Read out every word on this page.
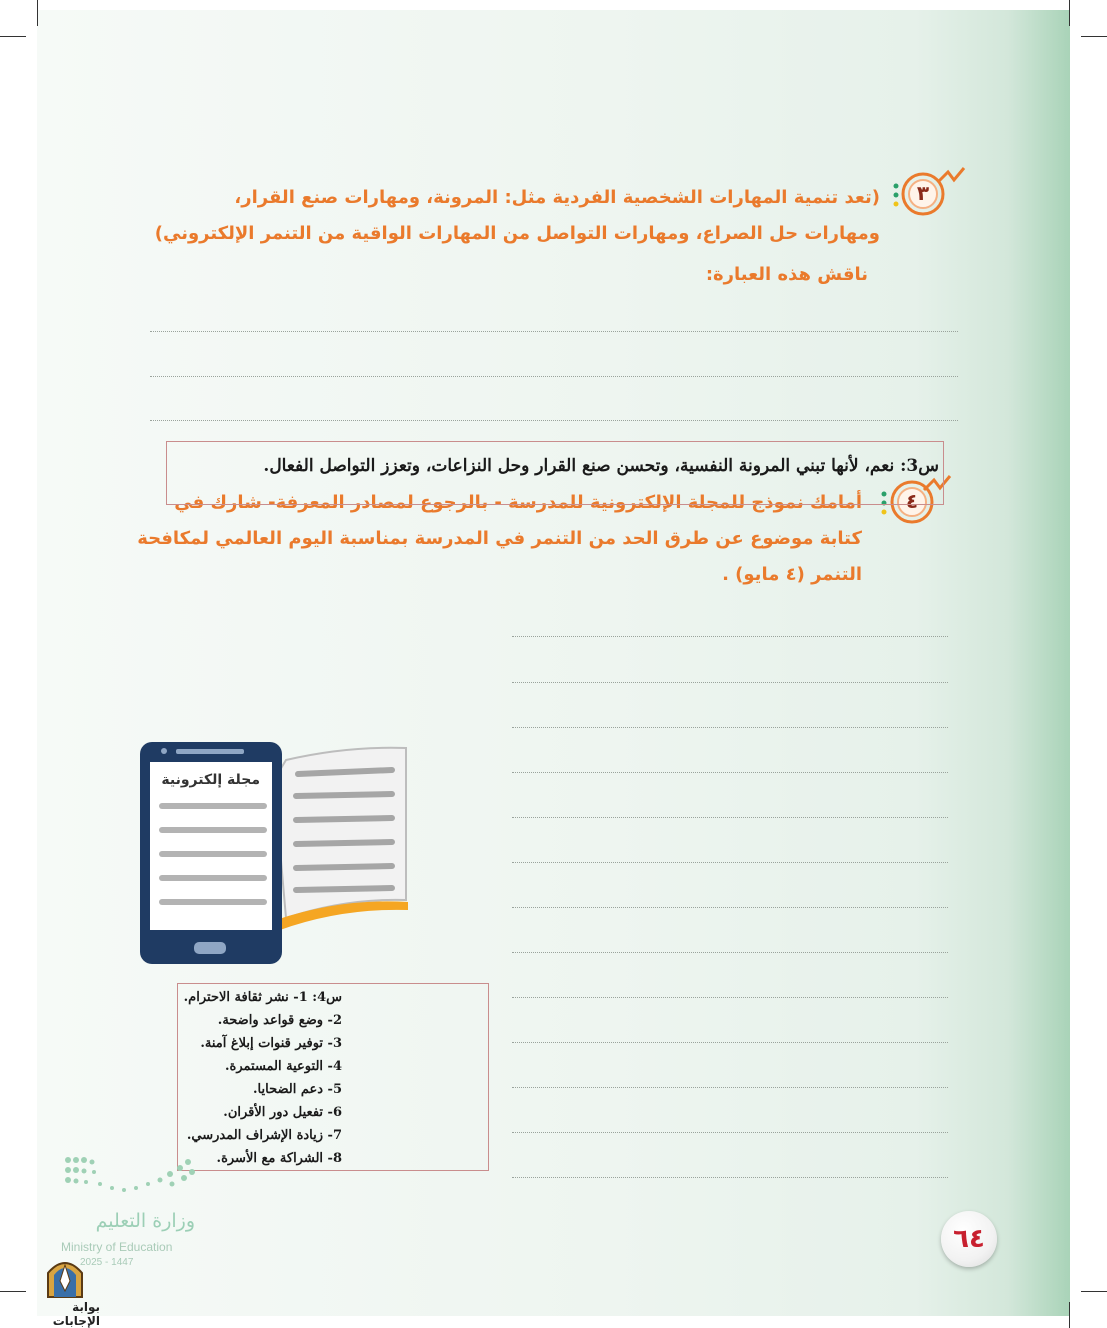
٣
(تعد تنمية المهارات الشخصية الفردية مثل: المرونة، ومهارات صنع القرار،
ومهارات حل الصراع، ومهارات التواصل من المهارات الواقية من التنمر الإلكتروني)
ناقش هذه العبارة:
٤
أمامك نموذج للمجلة الإلكترونية للمدرسة - بالرجوع لمصادر المعرفة- شارك في
كتابة موضوع عن طرق الحد من التنمر في المدرسة بمناسبة اليوم العالمي لمكافحة
التنمر (٤ مايو) .
س3: نعم، لأنها تبني المرونة النفسية، وتحسن صنع القرار وحل النزاعات، وتعزز التواصل الفعال.
مجلة إلكترونية
س4: 1- نشر ثقافة الاحترام.
2- وضع قواعد واضحة.
3- توفير قنوات إبلاغ آمنة.
4- التوعية المستمرة.
5- دعم الضحايا.
6- تفعيل دور الأقران.
7- زيادة الإشراف المدرسي.
8- الشراكة مع الأسرة.
وزارة التعليم
Ministry of Education
2025 - 1447
بوابة الإجابات
٦٤
